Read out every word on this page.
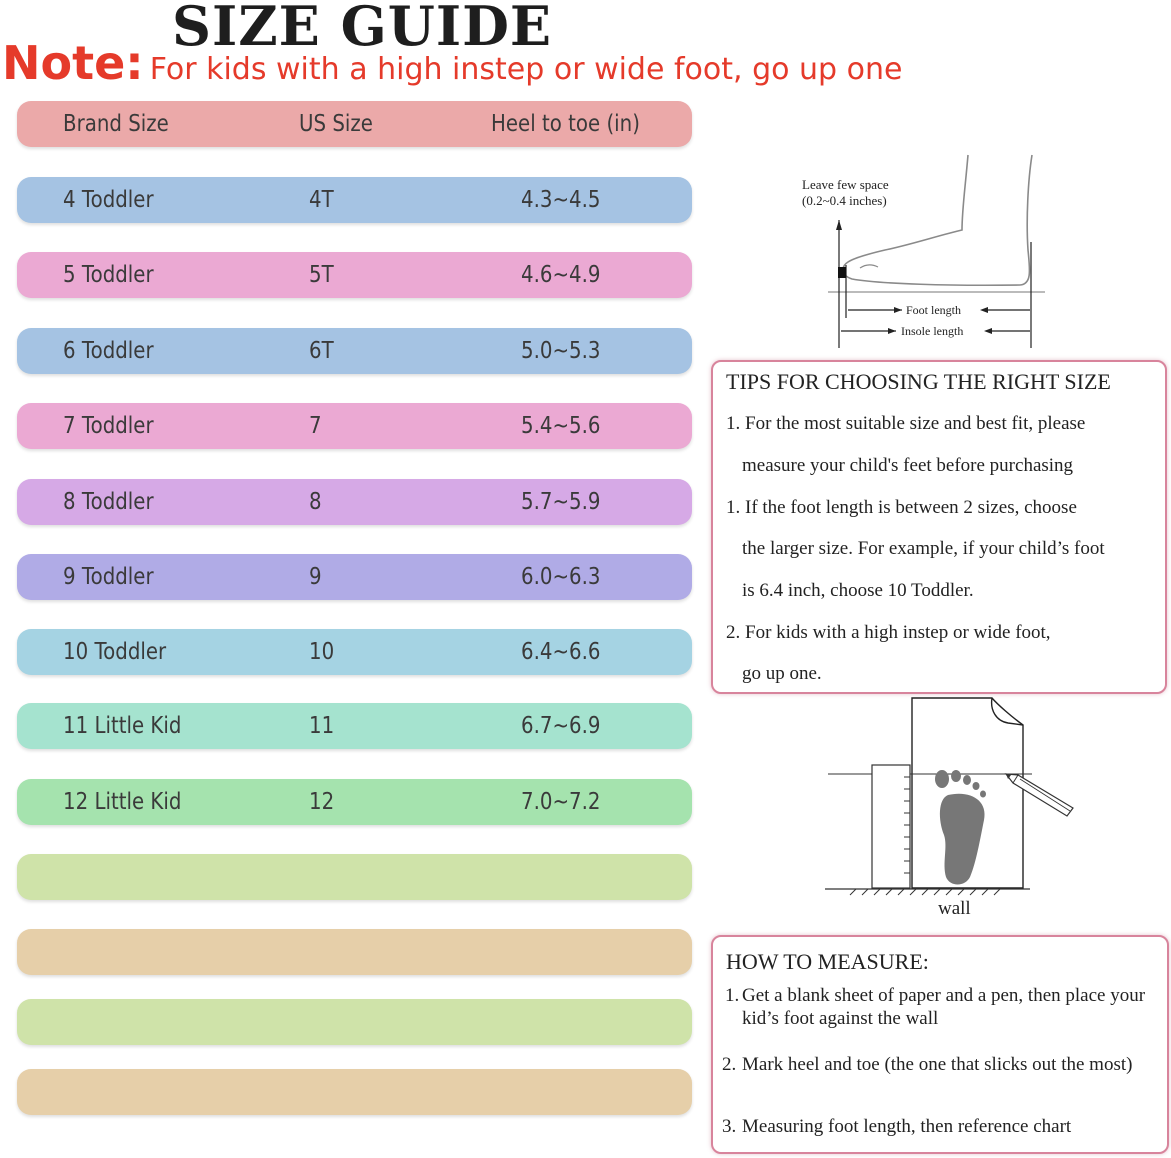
SIZE GUIDE
Note: For kids with a high instep or wide foot, go up one
Brand Size	US Size	Heel to toe (in)
4 Toddler	4T	4.3~4.5
5 Toddler	5T	4.6~4.9
6 Toddler	6T	5.0~5.3
7 Toddler	7	5.4~5.6
8 Toddler	8	5.7~5.9
9 Toddler	9	6.0~6.3
10 Toddler	10	6.4~6.6
11 Little Kid	11	6.7~6.9
12 Little Kid	12	7.0~7.2
Leave few space
(0.2~0.4 inches)
Foot length
Insole length
TIPS FOR CHOOSING THE RIGHT SIZE
1. For the most suitable size and best fit, please
measure your child's feet before purchasing
1. If the foot length is between 2 sizes, choose
the larger size. For example, if your child’s foot
is 6.4 inch, choose 10 Toddler.
2. For kids with a high instep or wide foot,
go up one.
wall
HOW TO MEASURE:
1. Get a blank sheet of paper and a pen, then place your kid’s foot against the wall
2. Mark heel and toe (the one that slicks out the most)
3. Measuring foot length, then reference chart
